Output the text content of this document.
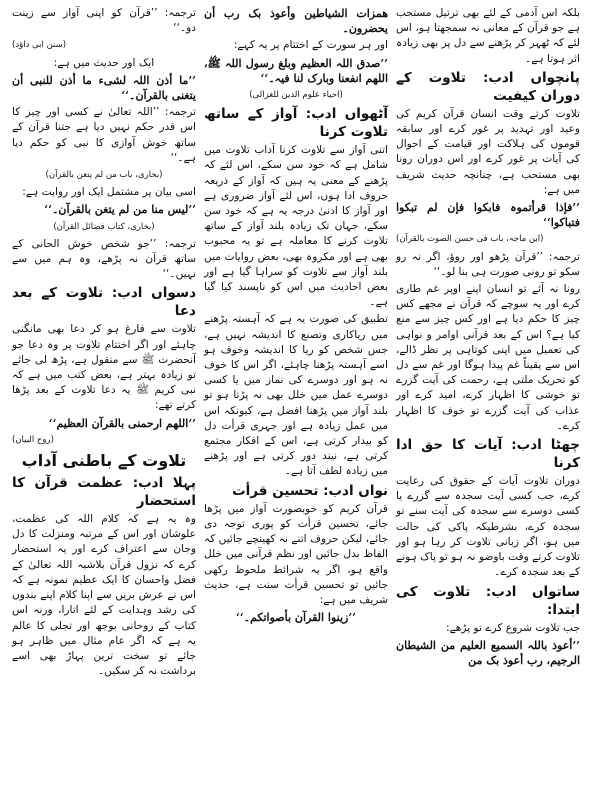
بلکہ اس آدمی کے لئے بھی ترتیل مستحب ہے جو قرآن کے معانی نہ سمجھتا ہو، اس لئے کہ ٹھہر کر پڑھنے سے دل پر بھی زیادہ اثر ہوتا ہے۔

پانچواں ادب: تلاوت کے دوران کیفیت

تلاوت کرتے وقت انسان قرآن کریم کی وعید اور تہدید پر غور کرے اور سابقہ قوموں کی ہلاکت اور قیامت کے احوال کی آیات پر غور کرے اور اس دوران رونا بھی مستحب ہے، چنانچہ حدیث شریف میں ہے:

’’فإذا قرأتموہ فابکوا فإن لم تبکوا فتباکوا‘‘

(ابن ماجہ، باب فی حسن الصوت بالقرآن)

ترجمہ: ’’قرآن پڑھو اور روؤ، اگر نہ رو سکو تو رونی صورت ہی بنا لو۔‘‘

رونا نہ آئے تو انسان اپنے اوپر غم طاری کرے اور یہ سوچے کہ قرآن نے مجھے کس چیز کا حکم دیا ہے اور کس چیز سے منع کیا ہے؟ اس کے بعد قرآنی اوامر و نواہی کی تعمیل میں اپنی کوتاہی پر نظر ڈالے، اس سے یقیناً غم پیدا ہوگا اور غم سے دل کو تحریک ملتی ہے، رحمت کی آیت گزرے تو خوشی کا اظہار کرے، امید کرے اور عذاب کی آیت گزرے تو خوف کا اظہار کرے۔

چھٹا ادب: آیات کا حق ادا کرنا

دوران تلاوت آیات کے حقوق کی رعایت کرے، جب کسی آیت سجدہ سے گزرے یا کسی دوسرے سے سجدہ کی آیت سنے تو سجدہ کرے، بشرطیکہ پاکی کی حالت میں ہو، اگر زبانی تلاوت کر رہا ہو اور تلاوت کرتے وقت باوضو نہ ہو تو پاک ہونے کے بعد سجدہ کرے۔

ساتواں ادب: تلاوت کی ابتدا:

جب تلاوت شروع کرے تو پڑھے:

’’أعوذ باللہ السمیع العلیم من الشیطان الرجیم، رب أعوذ بک من

ھمزات الشیاطین وأعوذ بک رب أن یحضرون۔

اور ہر سورت کے اختتام پر یہ کہے:

’’صدق اللہ العظیم وبلغ رسول اللہ ﷺ، اللھم انفعنا وبارک لنا فیہ۔‘‘

(احیاء علوم الدین للغزالی)
آٹھواں ادب: آواز کے ساتھ تلاوت کرنا

اتنی آواز سے تلاوت کرنا آداب تلاوت میں شامل ہے کہ خود سن سکے، اس لئے کہ پڑھنے کے معنی یہ ہیں کہ آواز کے ذریعہ حروف ادا ہوں، اس لئے آواز ضروری ہے اور آواز کا ادنیٰ درجہ یہ ہے کہ خود سن سکے، جہاں تک زیادہ بلند آواز کے ساتھ تلاوت کرنے کا معاملہ ہے تو یہ محبوب بھی ہے اور مکروہ بھی، بعض روایات میں بلند آواز سے تلاوت کو سراہا گیا ہے اور بعض احادیث میں اس کو ناپسند کیا گیا ہے۔

تطبیق کی صورت یہ ہے کہ آہستہ پڑھنے میں ریاکاری وتصنع کا اندیشہ نہیں ہے، جس شخص کو ریا کا اندیشہ وخوف ہو اسے آہستہ پڑھنا چاہئے، اگر اس کا خوف نہ ہو اور دوسرے کی نماز میں یا کسی دوسرے عمل میں خلل بھی نہ پڑتا ہو تو بلند آواز میں پڑھنا افضل ہے، کیونکہ اس میں عمل زیادہ ہے اور جہری قرأت دل کو بیدار کرتی ہے، اس کے افکار مجتمع کرتی ہے، نیند دور کرتی ہے اور پڑھنے میں زیادہ لطف آتا ہے۔

نواں ادب: تحسین قرأت

قرآن کریم کو خوبصورت آواز میں پڑھا جائے، تحسین قرأت کو پوری توجہ دی جائے، لیکن حروف اتنے نہ کھینچے جائیں کہ الفاظ بدل جائیں اور نظم قرآنی میں خلل واقع ہو، اگر یہ شرائط ملحوظ رکھی جائیں تو تحسین قرأت سنت ہے، حدیث شریف میں ہے:

’’زینوا القرآن بأصواتکم۔‘‘

ترجمہ: ’’قرآن کو اپنی آواز سے زینت دو۔‘‘

(سنن ابی داؤد)

ایک اور حدیث میں ہے:

’’ما أذن اللہ لشیء ما أذن للنبی أن یتغنی بالقرآن۔‘‘

ترجمہ: ’’اللہ تعالیٰ نے کسی اور چیز کا اس قدر حکم نہیں دیا ہے جتنا قرآن کے ساتھ خوش آوازی کا نبی کو حکم دیا ہے۔‘‘

(بخاری، باب من لم یتغن بالقرآن)

اسی بیان پر مشتمل ایک اور روایت ہے:

’’لیس منا من لم یتغن بالقرآن۔‘‘

(بخاری، کتاب فضائل القرآن)

ترجمہ: ’’جو شخص خوش الحانی کے ساتھ قرآن نہ پڑھے، وہ ہم میں سے نہیں۔‘‘

دسواں ادب: تلاوت کے بعد دعا

تلاوت سے فارغ ہو کر دعا بھی مانگنی چاہئے اور اگر اختتام تلاوت پر وہ دعا جو آنحضرت ﷺ سے منقول ہے، پڑھ لی جائے تو زیادہ بہتر ہے، بعض کتب میں ہے کہ نبی کریم ﷺ یہ دعا تلاوت کے بعد پڑھا کرتے تھے:

’’اللھم ارحمنی بالقرآن العظیم‘‘

(روح البیان)
تلاوت کے باطنی آداب
پہلا ادب: عظمت قرآن کا استحضار

وہ یہ ہے کہ کلام اللہ کی عظمت، علوشان اور اس کے مرتبہ ومنزلت کا دل وجان سے اعتراف کرے اور یہ استحضار کرے کہ نزول قرآن بلاشبہ اللہ تعالیٰ کے فضل واحسان کا ایک عظیم نمونہ ہے کہ اس نے عرش بریں سے اپنا کلام اپنے بندوں کی رشد وہدایت کے لئے اتارا، ورنہ اس کتاب کے روحانی بوجھ اور تجلی کا عالم یہ ہے کہ اگر عام مثال میں ظاہر ہو جائے تو سخت ترین پہاڑ بھی اسے برداشت نہ کر سکیں۔
